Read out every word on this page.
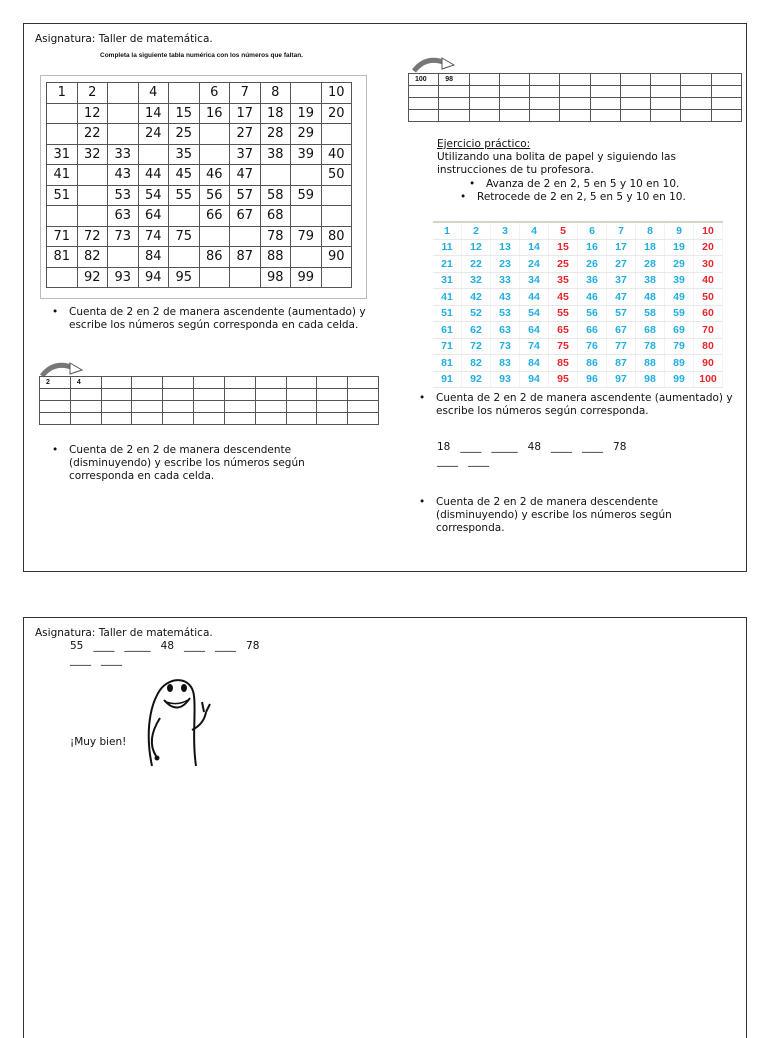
Asignatura: Taller de matemática.
Completa la siguiente tabla numérica con los números que faltan.
1	2		4		6	7	8		10
	12		14	15	16	17	18	19	20
	22		24	25		27	28	29	
31	32	33		35		37	38	39	40
41		43	44	45	46	47			50
51		53	54	55	56	57	58	59	
		63	64		66	67	68		
71	72	73	74	75			78	79	80
81	82		84		86	87	88		90
	92	93	94	95			98	99	
• Cuenta de 2 en 2 de manera ascendente (aumentado) y escribe los números según corresponda en cada celda.
2	4									

• Cuenta de 2 en 2 de manera descendente (disminuyendo) y escribe los números según corresponda en cada celda.
100	98									

Ejercicio práctico:
Utilizando una bolita de papel y siguiendo las
instrucciones de tu profesora.
• Avanza de 2 en 2, 5 en 5 y 10 en 10.
• Retrocede de 2 en 2, 5 en 5 y 10 en 10.
1	2	3	4	5	6	7	8	9	10
11	12	13	14	15	16	17	18	19	20
21	22	23	24	25	26	27	28	29	30
31	32	33	34	35	36	37	38	39	40
41	42	43	44	45	46	47	48	49	50
51	52	53	54	55	56	57	58	59	60
61	62	63	64	65	66	67	68	69	70
71	72	73	74	75	76	77	78	79	80
81	82	83	84	85	86	87	88	89	90
91	92	93	94	95	96	97	98	99	100
• Cuenta de 2 en 2 de manera ascendente (aumentado) y escribe los números según corresponda.
18   ____   _____   48   ____   ____   78
____   ____
• Cuenta de 2 en 2 de manera descendente (disminuyendo) y escribe los números según corresponda.
Asignatura: Taller de matemática.
55   ____   _____   48   ____   ____   78
____   ____
¡Muy bien!
